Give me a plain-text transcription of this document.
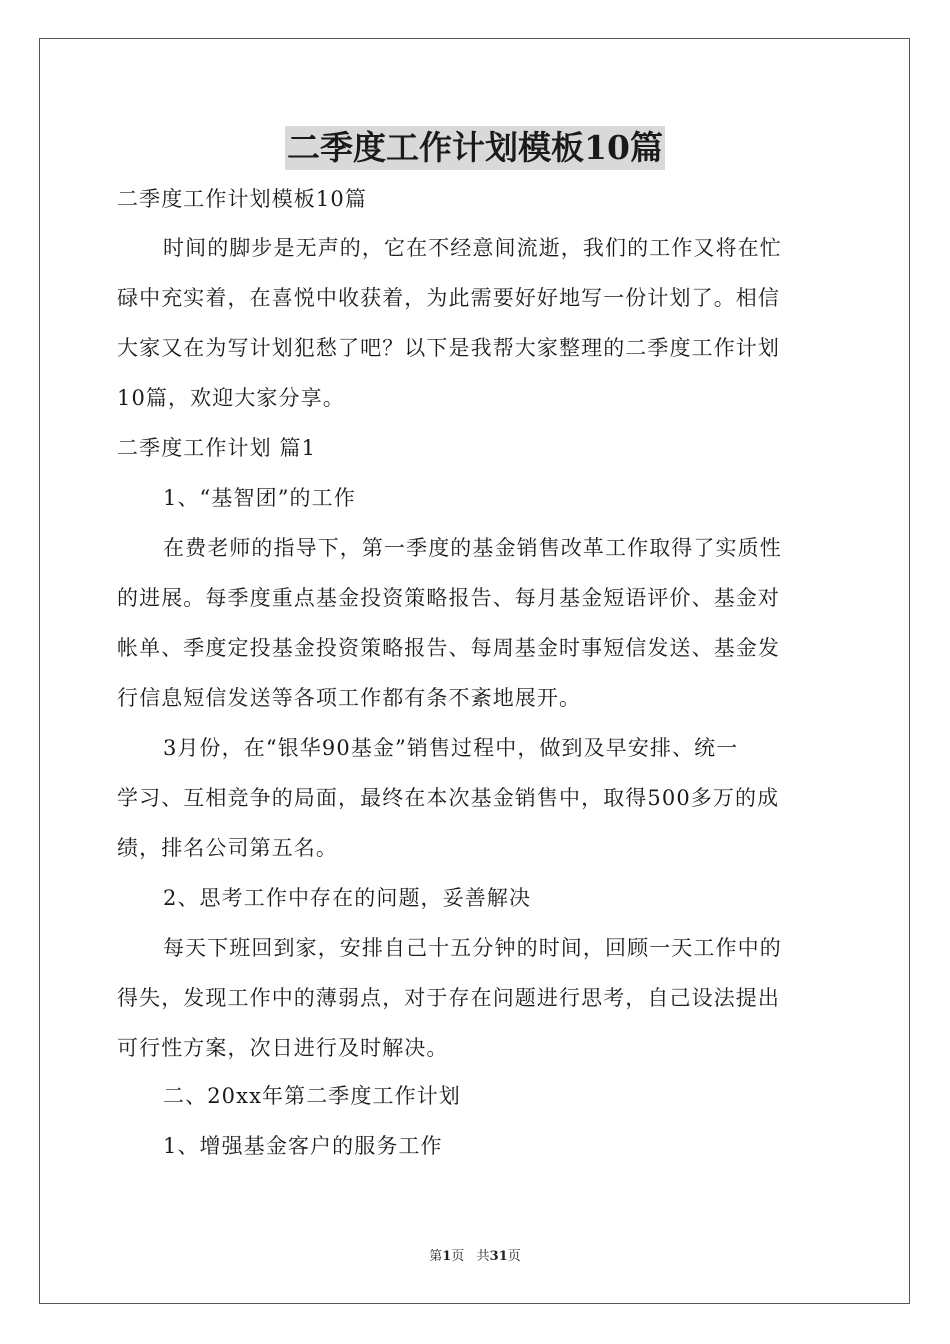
二季度工作计划模板10篇
二季度工作计划模板10篇
时间的脚步是无声的，它在不经意间流逝，我们的工作又将在忙
碌中充实着，在喜悦中收获着，为此需要好好地写一份计划了。相信
大家又在为写计划犯愁了吧？以下是我帮大家整理的二季度工作计划
10篇，欢迎大家分享。
二季度工作计划 篇1
1、“基智团”的工作
在费老师的指导下，第一季度的基金销售改革工作取得了实质性
的进展。每季度重点基金投资策略报告、每月基金短语评价、基金对
帐单、季度定投基金投资策略报告、每周基金时事短信发送、基金发
行信息短信发送等各项工作都有条不紊地展开。
3月份，在“银华90基金”销售过程中，做到及早安排、统一
学习、互相竞争的局面，最终在本次基金销售中，取得500多万的成
绩，排名公司第五名。
2、思考工作中存在的问题，妥善解决
每天下班回到家，安排自己十五分钟的时间，回顾一天工作中的
得失，发现工作中的薄弱点，对于存在问题进行思考，自己设法提出
可行性方案，次日进行及时解决。
二、20xx年第二季度工作计划
1、增强基金客户的服务工作
第1页   共31页
